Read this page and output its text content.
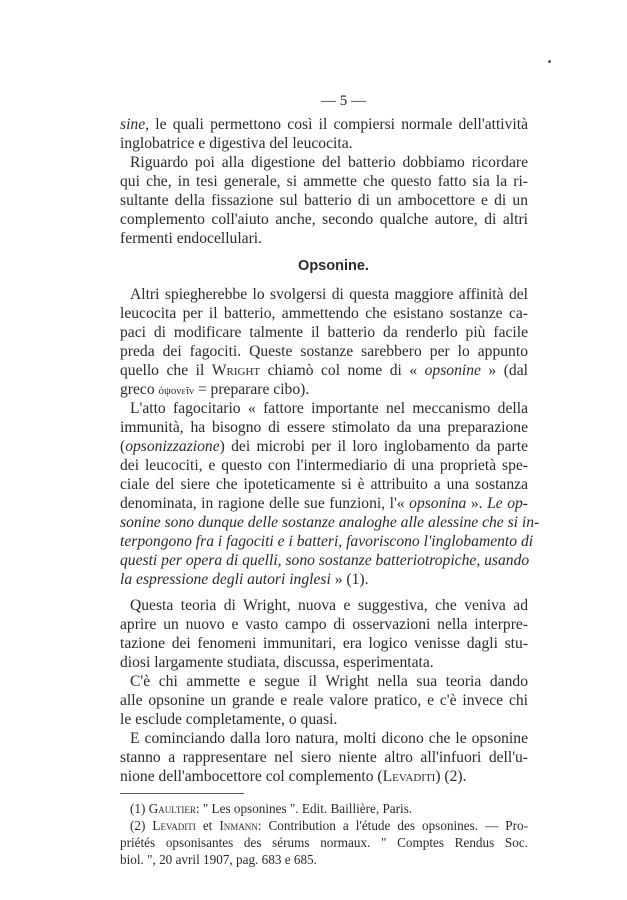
— 5 —
sine, le quali permettono così il compiersi normale dell'attività
inglobatrice e digestiva del leucocita.
Riguardo poi alla digestione del batterio dobbiamo ricordare
qui che, in tesi generale, si ammette che questo fatto sia la ri-
sultante della fissazione sul batterio di un ambocettore e di un
complemento coll'aiuto anche, secondo qualche autore, di altri
fermenti endocellulari.
Opsonine.
Altri spiegherebbe lo svolgersi di questa maggiore affinità del
leucocita per il batterio, ammettendo che esistano sostanze ca-
paci di modificare talmente il batterio da renderlo più facile
preda dei fagociti. Queste sostanze sarebbero per lo appunto
quello che il Wright chiamò col nome di « opsonine » (dal
greco ὀψονεῖν = preparare cibo).
L'atto fagocitario « fattore importante nel meccanismo della
immunità, ha bisogno di essere stimolato da una preparazione
(opsonizzazione) dei microbi per il loro inglobamento da parte
dei leucociti, e questo con l'intermediario di una proprietà spe-
ciale del siere che ipoteticamente si è attribuito a una sostanza
denominata, in ragione delle sue funzioni, l'« opsonina ». Le op-
sonine sono dunque delle sostanze analoghe alle alessine che si in-
terpongono fra i fagociti e i batteri, favoriscono l'inglobamento di
questi per opera di quelli, sono sostanze batteriotropiche, usando
la espressione degli autori inglesi » (1).
Questa teoria di Wright, nuova e suggestiva, che veniva ad
aprire un nuovo e vasto campo di osservazioni nella interpre-
tazione dei fenomeni immunitari, era logico venisse dagli stu-
diosi largamente studiata, discussa, esperimentata.
C'è chi ammette e segue il Wright nella sua teoria dando
alle opsonine un grande e reale valore pratico, e c'è invece chi
le esclude completamente, o quasi.
E cominciando dalla loro natura, molti dicono che le opsonine
stanno a rappresentare nel siero niente altro all'infuori dell'u-
nione dell'ambocettore col complemento (Levaditi) (2).
(1) Gaultier: " Les opsonines ". Edit. Baillière, Paris.
(2) Levaditi et Inmann: Contribution a l'étude des opsonines. — Pro-
priétés opsonisantes des sérums normaux. " Comptes Rendus Soc.
biol. ", 20 avril 1907, pag. 683 e 685.
